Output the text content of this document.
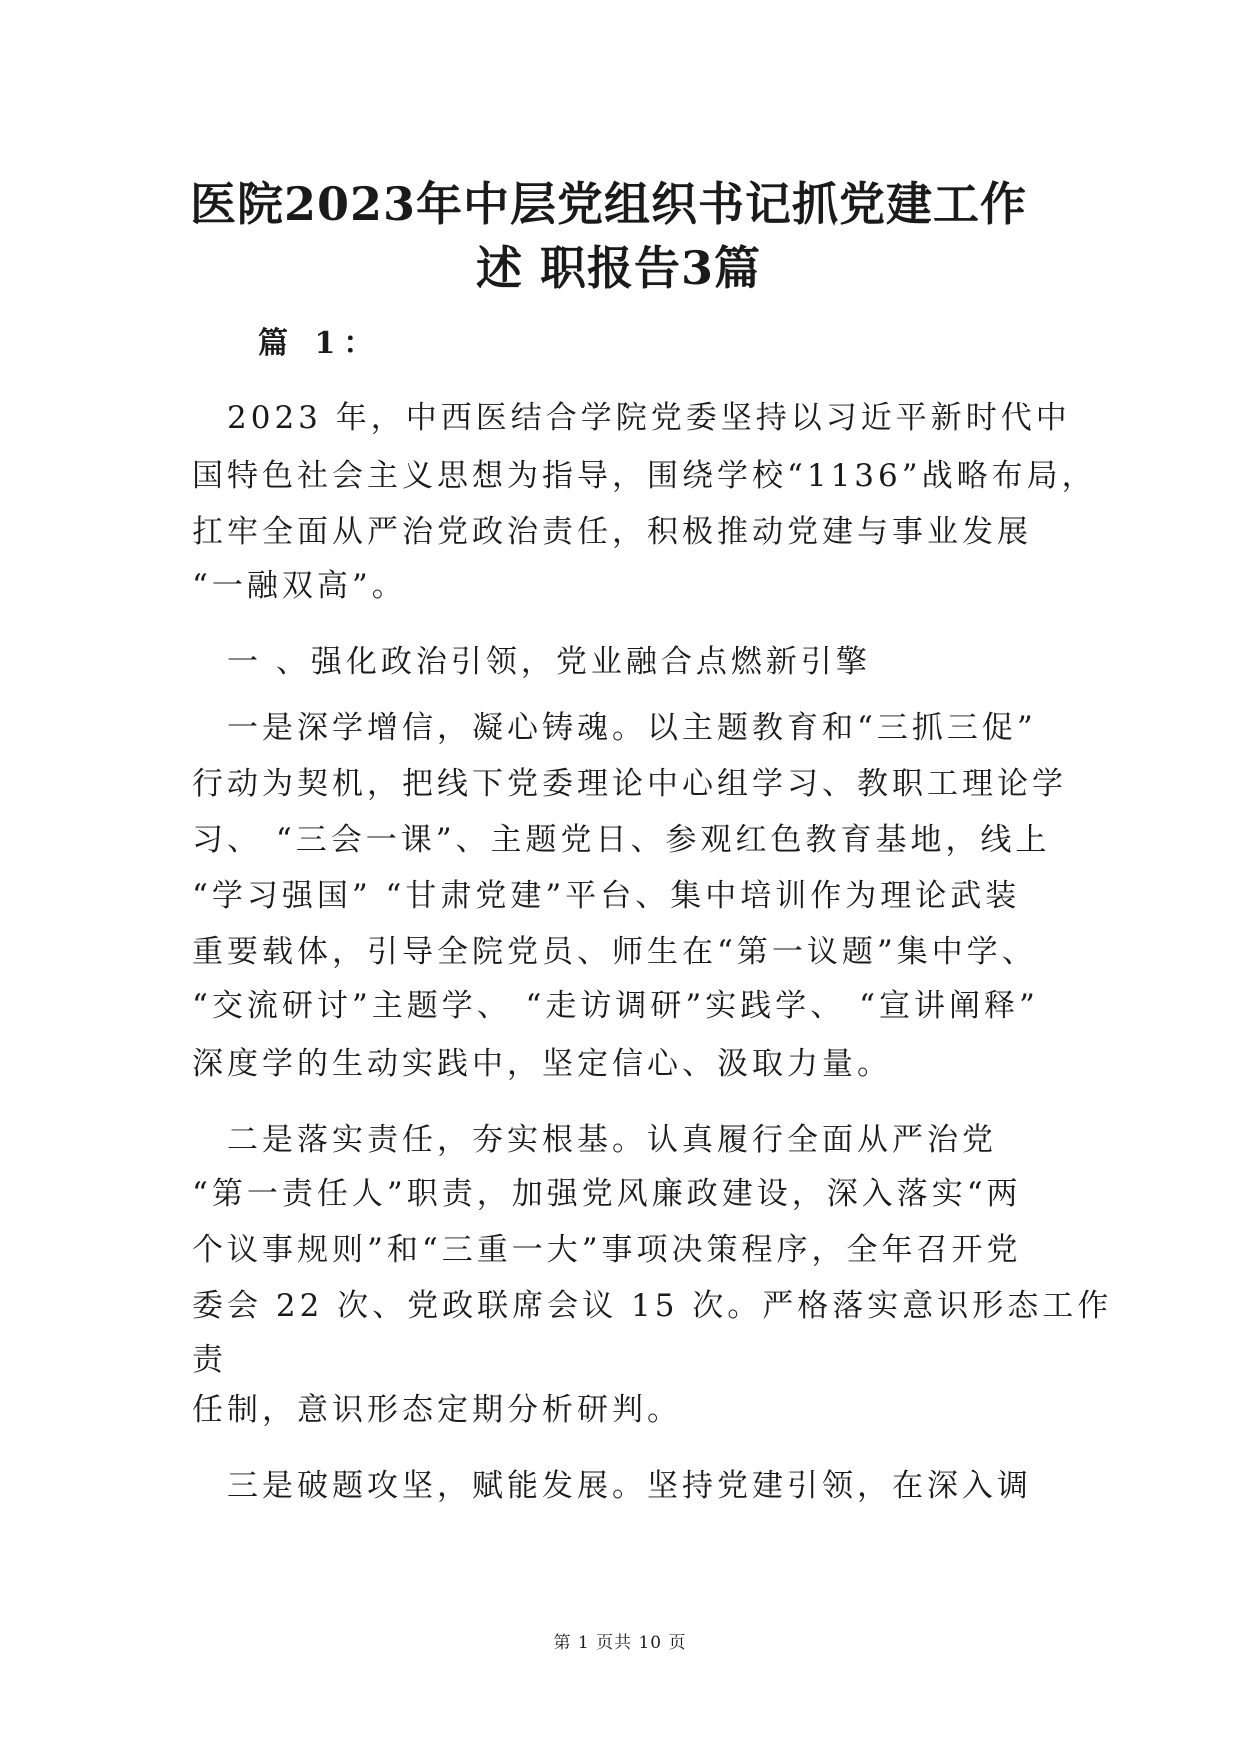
医院2023年中层党组织书记抓党建工作
述 职报告3篇
篇 1：
　2023 年，中西医结合学院党委坚持以习近平新时代中
国特色社会主义思想为指导，围绕学校“1136”战略布局，
扛牢全面从严治党政治责任，积极推动党建与事业发展
“一融双高”。
　一 、强化政治引领，党业融合点燃新引擎
　一是深学增信，凝心铸魂。以主题教育和“三抓三促”
行动为契机，把线下党委理论中心组学习、教职工理论学
习、 “三会一课”、主题党日、参观红色教育基地，线上
“学习强国” “甘肃党建”平台、集中培训作为理论武装
重要载体，引导全院党员、师生在“第一议题”集中学、
“交流研讨”主题学、 “走访调研”实践学、 “宣讲阐释”
深度学的生动实践中，坚定信心、汲取力量。
　二是落实责任，夯实根基。认真履行全面从严治党
“第一责任人”职责，加强党风廉政建设，深入落实“两
个议事规则”和“三重一大”事项决策程序，全年召开党
委会 22 次、党政联席会议 15 次。严格落实意识形态工作
责
任制，意识形态定期分析研判。
　三是破题攻坚，赋能发展。坚持党建引领，在深入调
第 1 页共 10 页
